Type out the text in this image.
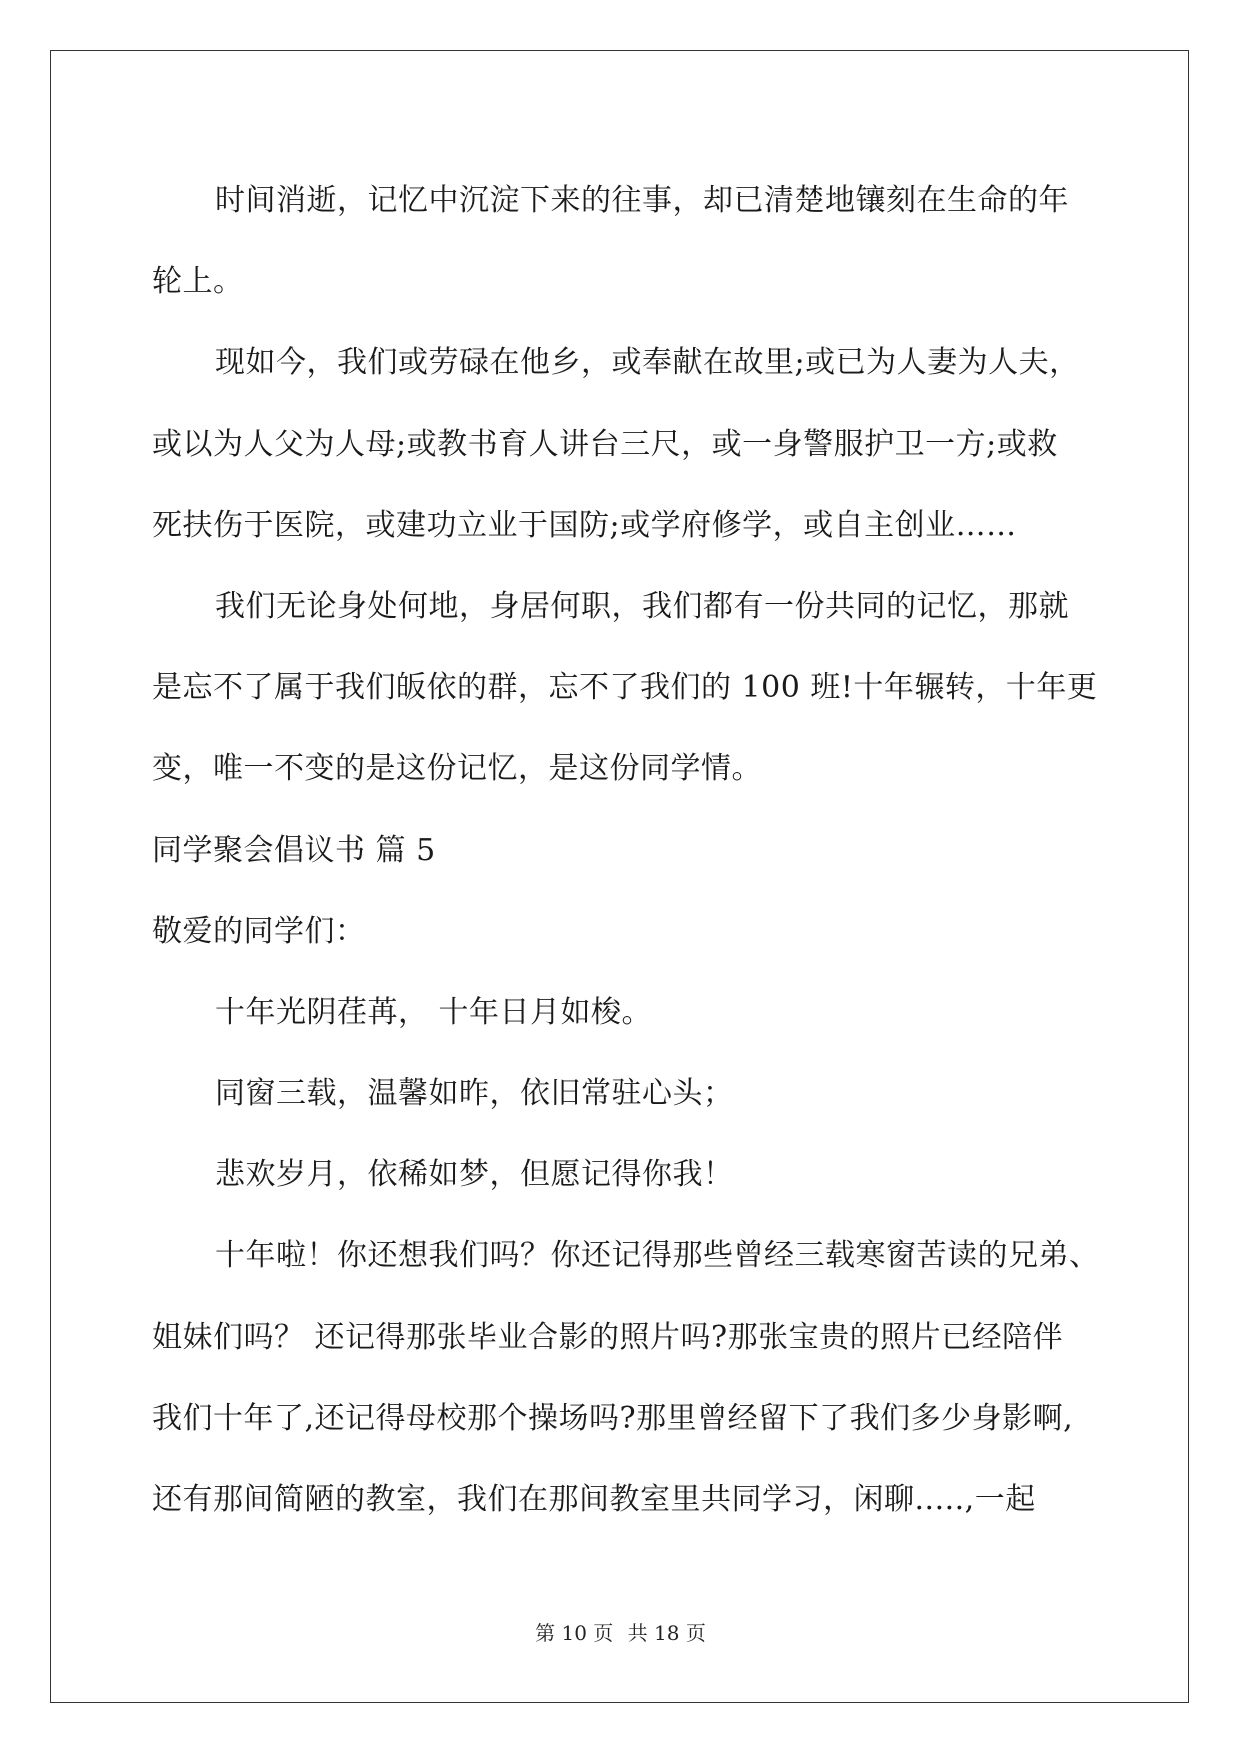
时间消逝，记忆中沉淀下来的往事，却已清楚地镶刻在生命的年
轮上。
现如今，我们或劳碌在他乡，或奉献在故里;或已为人妻为人夫，
或以为人父为人母;或教书育人讲台三尺，或一身警服护卫一方;或救
死扶伤于医院，或建功立业于国防;或学府修学，或自主创业……
我们无论身处何地，身居何职，我们都有一份共同的记忆，那就
是忘不了属于我们皈依的群，忘不了我们的 100 班!十年辗转，十年更
变，唯一不变的是这份记忆，是这份同学情。
同学聚会倡议书 篇 5
敬爱的同学们：
十年光阴荏苒， 十年日月如梭。
同窗三载，温馨如昨，依旧常驻心头；
悲欢岁月，依稀如梦，但愿记得你我！
十年啦！你还想我们吗？你还记得那些曾经三载寒窗苦读的兄弟、
姐妹们吗？ 还记得那张毕业合影的照片吗?那张宝贵的照片已经陪伴
我们十年了,还记得母校那个操场吗?那里曾经留下了我们多少身影啊,
还有那间简陋的教室，我们在那间教室里共同学习，闲聊.....,一起
第 10 页 共 18 页
